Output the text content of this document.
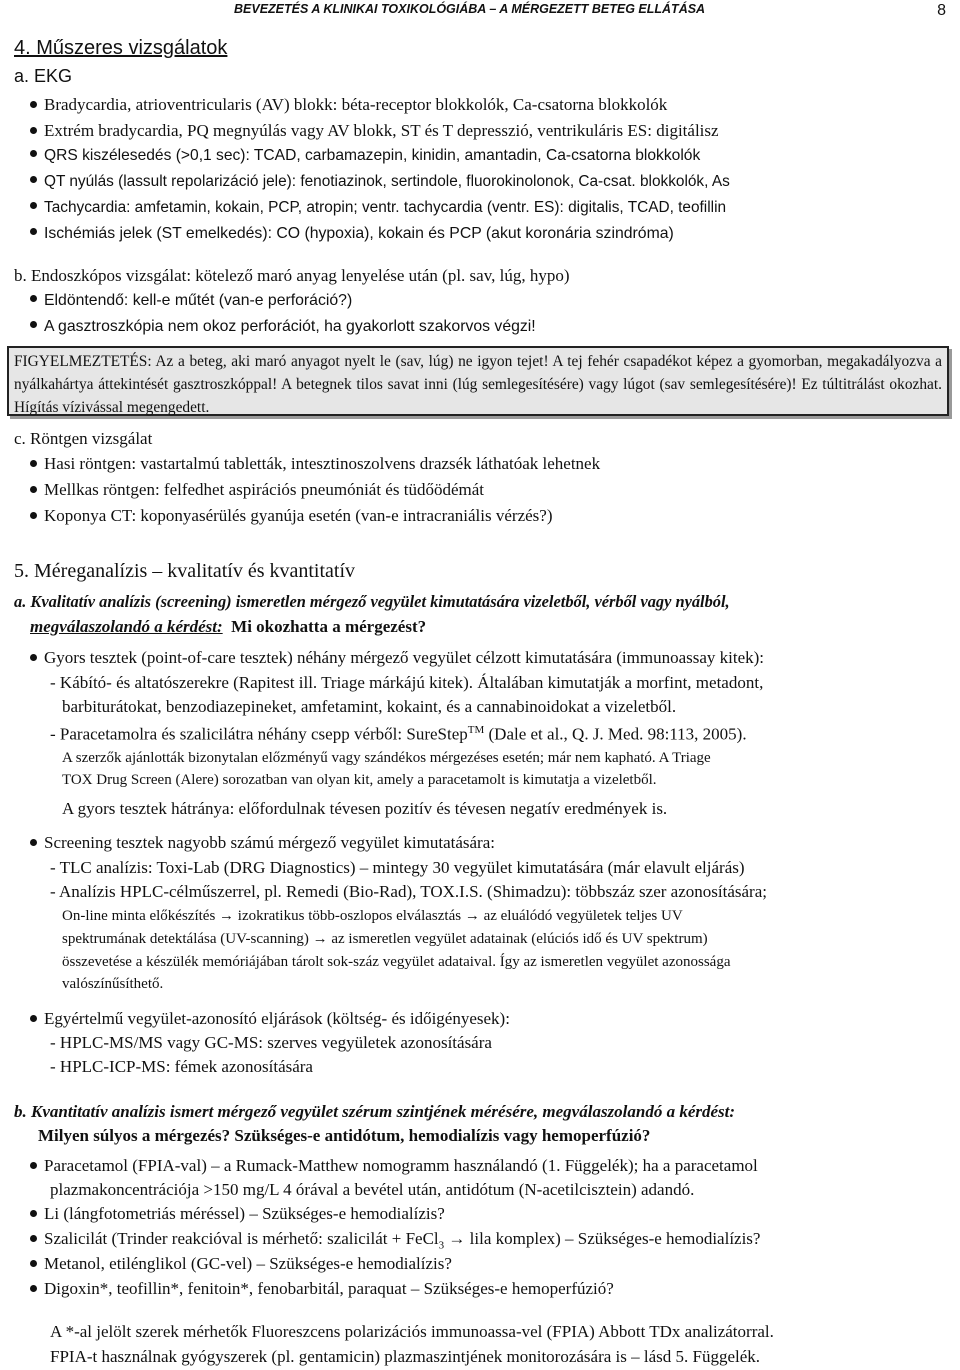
BEVEZETÉS A KLINIKAI TOXIKOLÓGIÁBA – A MÉRGEZETT BETEG ELLÁTÁSA	8
4. Műszeres vizsgálatok
a. EKG
Bradycardia, atrioventricularis (AV) blokk: béta-receptor blokkolók, Ca-csatorna blokkolók
Extrém bradycardia, PQ megnyúlás vagy AV blokk, ST és T depresszió, ventrikuláris ES: digitálisz
QRS kiszélesedés (>0,1 sec): TCAD, carbamazepin, kinidin, amantadin, Ca-csatorna blokkolók
QT nyúlás (lassult repolarizáció jele): fenotiazinok, sertindole, fluorokinolonok, Ca-csat. blokkolók, As
Tachycardia: amfetamin, kokain, PCP, atropin; ventr. tachycardia (ventr. ES): digitalis, TCAD, teofillin
Ischémiás jelek (ST emelkedés): CO (hypoxia), kokain és PCP (akut koronária szindróma)
b. Endoszkópos vizsgálat: kötelező maró anyag lenyelése után (pl. sav, lúg, hypo)
Eldöntendő: kell-e műtét (van-e perforáció?)
A gasztroszkópia nem okoz perforációt, ha gyakorlott szakorvos végzi!
FIGYELMEZTETÉS: Az a beteg, aki maró anyagot nyelt le (sav, lúg) ne igyon tejet! A tej fehér csapadékot képez a gyomorban, megakadályozva a nyálkahártya áttekintését gasztroszkóppal! A betegnek tilos savat inni (lúg semlegesítésére) vagy lúgot (sav semlegesítésére)! Ez túltitrálást okozhat. Hígítás vízivással megengedett.
c. Röntgen vizsgálat
Hasi röntgen: vastartalmú tabletták, intesztinoszolvens drazsék láthatóak lehetnek
Mellkas röntgen: felfedhet aspirációs pneumóniát és tüdőödémát
Koponya CT: koponyasérülés gyanúja esetén (van-e intracraniális vérzés?)
5. Méreganalízis – kvalitatív és kvantitatív
a. Kvalitatív analízis (screening) ismeretlen mérgező vegyület kimutatására vizeletből, vérből vagy nyálból,
megválaszolandó a kérdést: Mi okozhatta a mérgezést?
Gyors tesztek (point-of-care tesztek) néhány mérgező vegyület célzott kimutatására (immunoassay kitek):
- Kábító- és altatószerekre (Rapitest ill. Triage márkájú kitek). Általában kimutatják a morfint, metadont,
barbiturátokat, benzodiazepineket, amfetamint, kokaint, és a cannabinoidokat a vizeletből.
- Paracetamolra és szalicilátra néhány csepp vérből: SureStep™ (Dale et al., Q. J. Med. 98:113, 2005).
A szerzők ajánlották bizonytalan előzményű vagy szándékos mérgezéses esetén; már nem kapható. A Triage
TOX Drug Screen (Alere) sorozatban van olyan kit, amely a paracetamolt is kimutatja a vizeletből.
A gyors tesztek hátránya: előfordulnak tévesen pozitív és tévesen negatív eredmények is.
Screening tesztek nagyobb számú mérgező vegyület kimutatására:
- TLC analízis: Toxi-Lab (DRG Diagnostics) – mintegy 30 vegyület kimutatására (már elavult eljárás)
- Analízis HPLC-célműszerrel, pl. Remedi (Bio-Rad), TOX.I.S. (Shimadzu): többszáz szer azonosítására;
On-line minta előkészítés → izokratikus több-oszlopos elválasztás → az eluálódó vegyületek teljes UV
spektrumának detektálása (UV-scanning) → az ismeretlen vegyület adatainak (elúciós idő és UV spektrum)
összevetése a készülék memóriájában tárolt sok-száz vegyület adataival. Így az ismeretlen vegyület azonossága
valószínűsíthető.
Egyértelmű vegyület-azonosító eljárások (költség- és időigényesek):
- HPLC-MS/MS vagy GC-MS: szerves vegyületek azonosítására
- HPLC-ICP-MS: fémek azonosítására
b. Kvantitatív analízis ismert mérgező vegyület szérum szintjének mérésére, megválaszolandó a kérdést:
Milyen súlyos a mérgezés? Szükséges-e antidótum, hemodialízis vagy hemoperfúzió?
Paracetamol (FPIA-val) – a Rumack-Matthew nomogramm használandó (1. Függelék); ha a paracetamol
plazmakoncentrációja >150 mg/L 4 órával a bevétel után, antidótum (N-acetilcisztein) adandó.
Li (lángfotometriás méréssel) – Szükséges-e hemodialízis?
Szalicilát (Trinder reakcióval is mérhető: szalicilát + FeCl$_3$ → lila komplex) – Szükséges-e hemodialízis?
Metanol, etilénglikol (GC-vel) – Szükséges-e hemodialízis?
Digoxin*, teofillin*, fenitoin*, fenobarbitál, paraquat – Szükséges-e hemoperfúzió?
A *-al jelölt szerek mérhetők Fluoreszcens polarizációs immunoassa-vel (FPIA) Abbott TDx analizátorral.
FPIA-t használnak gyógyszerek (pl. gentamicin) plazmaszintjének monitorozására is – lásd 5. Függelék.
